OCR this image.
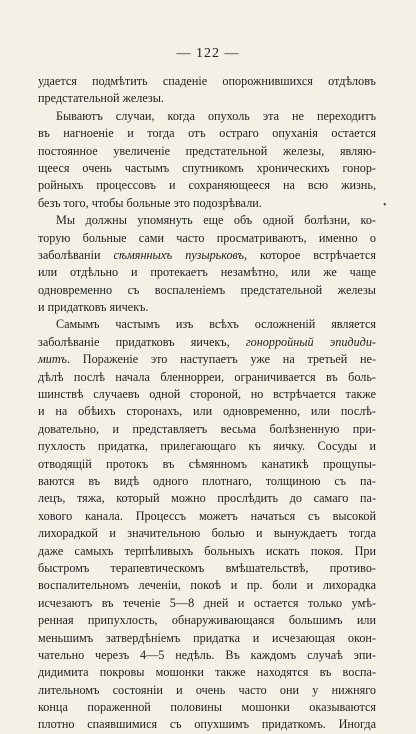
— 122 —
•
удается подмѣтить спаденіе опорожнившихся отдѣловъ
предстательной железы.
Бываютъ случаи, когда опухоль эта не переходитъ
въ нагноеніе и тогда отъ остраго опуханія остается
постоянное увеличеніе предстательной железы, являю-
щееся очень частымъ спутникомъ хроническихъ гонор-
ройныхъ процессовъ и сохраняющееся на всю жизнь,
безъ того, чтобы больные это подозрѣвали.
Мы должны упомянуть еще объ одной болѣзни, ко-
торую больные сами часто просматриваютъ, именно о
заболѣваніи сѣмянныхъ пузырьковъ, которое встрѣчается
или отдѣльно и протекаетъ незамѣтно, или же чаще
одновременно съ воспаленіемъ предстательной железы
и придатковъ яичекъ.
Самымъ частымъ изъ всѣхъ осложненій является
заболѣваніе придатковъ яичекъ, гонорройный эпидиди-
митъ. Пораженіе это наступаетъ уже на третьей не-
дѣлѣ послѣ начала бленнорреи, ограничивается въ боль-
шинствѣ случаевъ одной стороной, но встрѣчается также
и на обѣихъ сторонахъ, или одновременно, или послѣ-
довательно, и представляетъ весьма болѣзненную при-
пухлость придатка, прилегающаго къ яичку. Сосуды и
отводящій протокъ въ сѣмянномъ канатикѣ прощупы-
ваются въ видѣ одного плотнаго, толщиною съ па-
лецъ, тяжа, который можно прослѣдить до самаго па-
хового канала. Процессъ можетъ начаться съ высокой
лихорадкой и значительною болью и вынуждаетъ тогда
даже самыхъ терпѣливыхъ больныхъ искать покоя. При
быстромъ терапевтическомъ вмѣшательствѣ, противо-
воспалительномъ леченіи, покоѣ и пр. боли и лихорадка
исчезаютъ въ теченіе 5—8 дней и остается только умѣ-
ренная припухлость, обнаруживающаяся большимъ или
меньшимъ затвердѣніемъ придатка и исчезающая окон-
чательно черезъ 4—5 недѣль. Въ каждомъ случаѣ эпи-
дидимита покровы мошонки также находятся въ воспа-
лительномъ состояніи и очень часто они у нижняго
конца пораженной половины мошонки оказываются
плотно спаявшимися съ опухшимъ придаткомъ. Иногда
